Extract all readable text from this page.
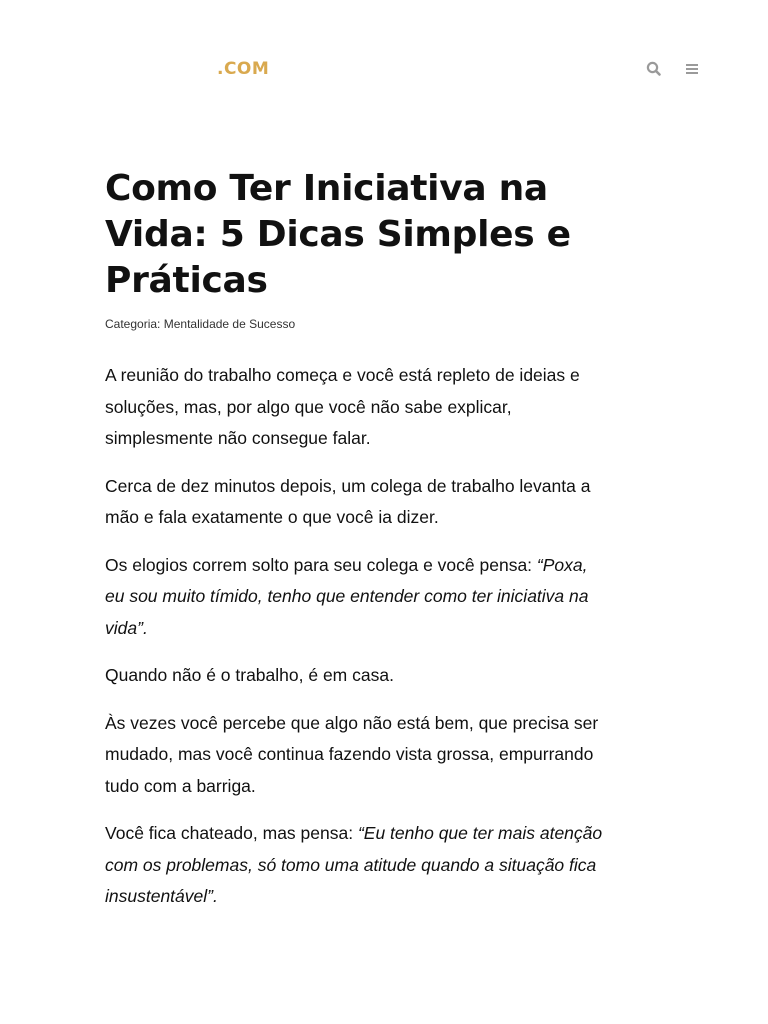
.COM
Como Ter Iniciativa na Vida: 5 Dicas Simples e Práticas
Categoria: Mentalidade de Sucesso

A reunião do trabalho começa e você está repleto de ideias e soluções, mas, por algo que você não sabe explicar, simplesmente não consegue falar.

Cerca de dez minutos depois, um colega de trabalho levanta a mão e fala exatamente o que você ia dizer.

Os elogios correm solto para seu colega e você pensa: “Poxa, eu sou muito tímido, tenho que entender como ter iniciativa na vida”.

Quando não é o trabalho, é em casa.

Às vezes você percebe que algo não está bem, que precisa ser mudado, mas você continua fazendo vista grossa, empurrando tudo com a barriga.

Você fica chateado, mas pensa: “Eu tenho que ter mais atenção com os problemas, só tomo uma atitude quando a situação fica insustentável”.
